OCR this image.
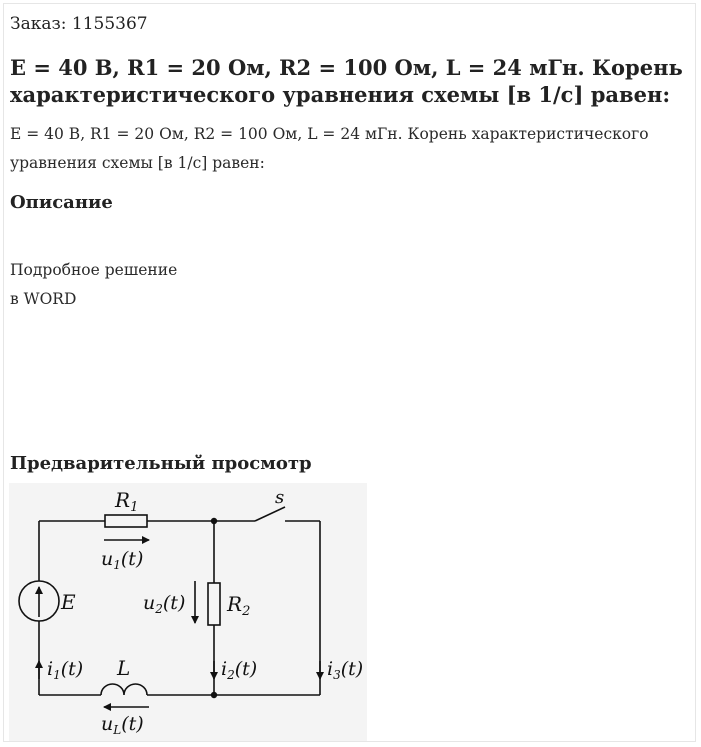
Заказ: 1155367
E = 40 В, R1 = 20 Ом, R2 = 100 Ом, L = 24 мГн. Корень характеристического уравнения схемы [в 1/с] равен:
E = 40 В, R1 = 20 Ом, R2 = 100 Ом, L = 24 мГн. Корень характеристического уравнения схемы [в 1/с] равен:
Описание
Подробное решение
в WORD
Предварительный просмотр
$R_1$
$u_1(t)$
s
E	$u_2(t)$ $R_2$
$i_1(t)$ L	$i_2(t)$	$i_3(t)$
$u_L(t)$
